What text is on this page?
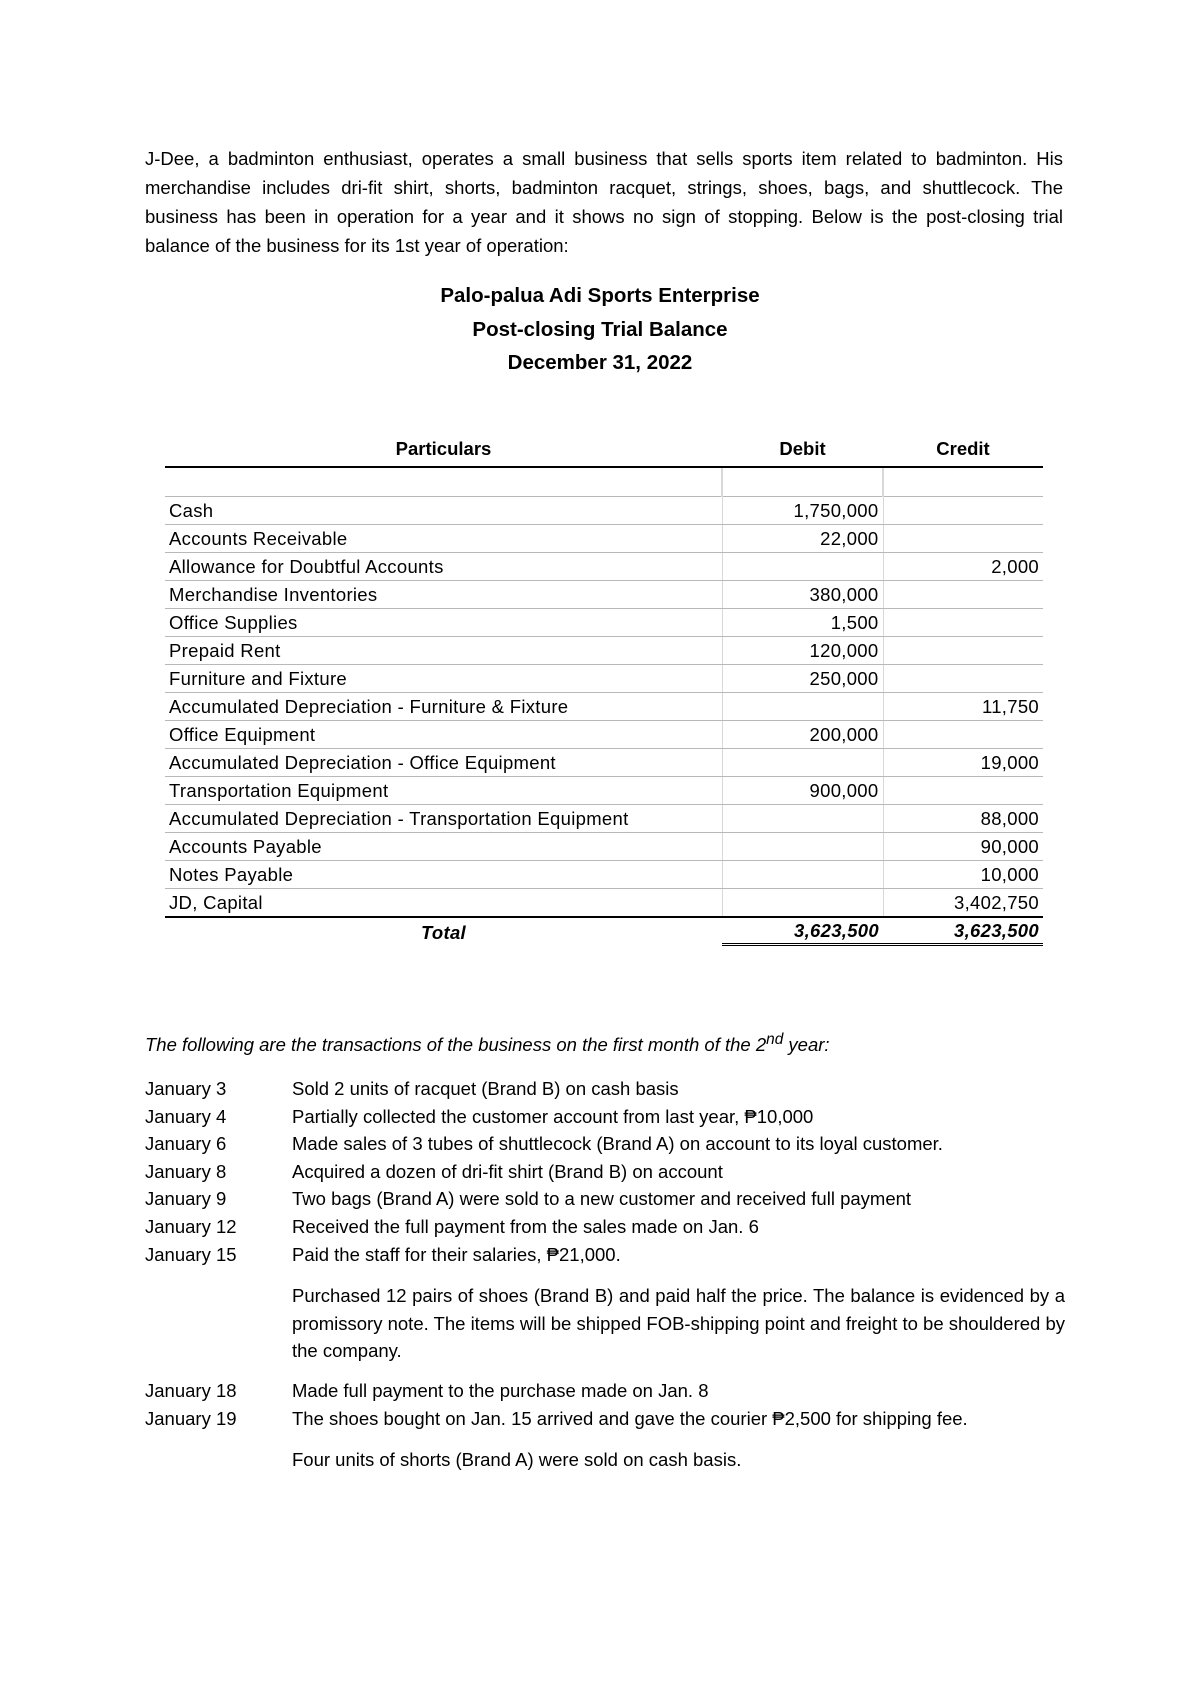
J-Dee, a badminton enthusiast, operates a small business that sells sports item related to badminton. His merchandise includes dri-fit shirt, shorts, badminton racquet, strings, shoes, bags, and shuttlecock. The business has been in operation for a year and it shows no sign of stopping. Below is the post-closing trial balance of the business for its 1st year of operation:

Palo-palua Adi Sports Enterprise

Post-closing Trial Balance

December 31, 2022

Particulars	Debit	Credit

Cash	1,750,000	
Accounts Receivable	22,000	
Allowance for Doubtful Accounts		2,000
Merchandise Inventories	380,000	
Office Supplies	1,500	
Prepaid Rent	120,000	
Furniture and Fixture	250,000	
Accumulated Depreciation - Furniture & Fixture		11,750
Office Equipment	200,000	
Accumulated Depreciation - Office Equipment		19,000
Transportation Equipment	900,000	
Accumulated Depreciation - Transportation Equipment		88,000
Accounts Payable		90,000
Notes Payable		10,000
JD, Capital		3,402,750
Total	3,623,500	3,623,500

The following are the transactions of the business on the first month of the 2nd year:

January 3	Sold 2 units of racquet (Brand B) on cash basis
January 4	Partially collected the customer account from last year, ₱10,000
January 6	Made sales of 3 tubes of shuttlecock (Brand A) on account to its loyal customer.
January 8	Acquired a dozen of dri-fit shirt (Brand B) on account
January 9	Two bags (Brand A) were sold to a new customer and received full payment
January 12	Received the full payment from the sales made on Jan. 6
January 15	Paid the staff for their salaries, ₱21,000.
Purchased 12 pairs of shoes (Brand B) and paid half the price. The balance is evidenced by a promissory note. The items will be shipped FOB-shipping point and freight to be shouldered by the company.
January 18	Made full payment to the purchase made on Jan. 8
January 19	The shoes bought on Jan. 15 arrived and gave the courier ₱2,500 for shipping fee.
Four units of shorts (Brand A) were sold on cash basis.
